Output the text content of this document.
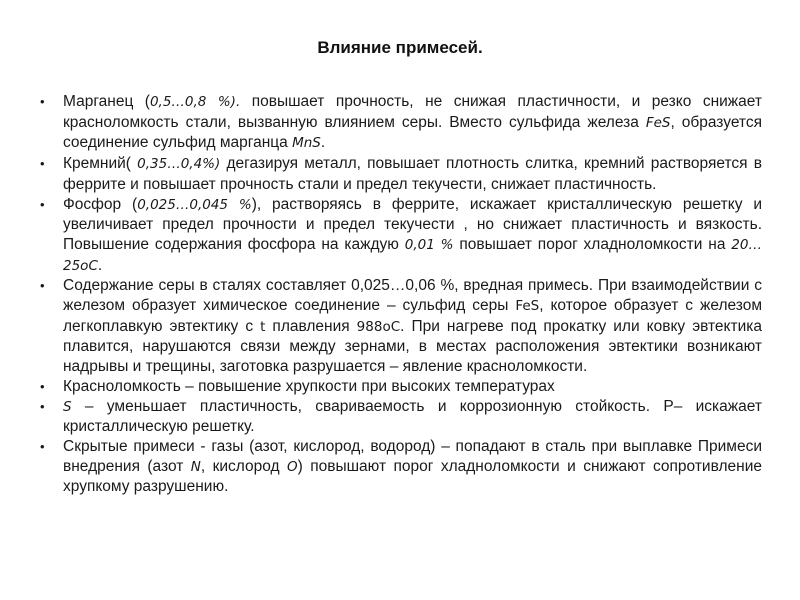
Влияние примесей.
•	Марганец (0,5…0,8 %). повышает прочность, не снижая пластичности, и резко снижает красноломкость стали, вызванную влиянием серы. Вместо сульфида железа FeS, образуется соединение сульфид марганца MnS.
•	Кремний( 0,35…0,4%) дегазируя металл, повышает плотность слитка, кремний растворяется в феррите и повышает прочность стали и предел текучести, снижает пластичность.
•	Фосфор (0,025…0,045 %), растворяясь в феррите, искажает кристаллическую решетку и увеличивает предел прочности и предел текучести , но снижает пластичность и вязкость. Повышение содержания фосфора на каждую 0,01 % повышает порог хладноломкости на 20…25oC.
•	Содержание серы в сталях составляет 0,025…0,06 %, вредная примесь. При взаимодействии с железом образует химическое соединение – сульфид серы FeS, которое образует с железом легкоплавкую эвтектику с t плавления 988oC. При нагреве под прокатку или ковку эвтектика плавится, нарушаются связи между зернами, в местах расположения эвтектики возникают надрывы и трещины, заготовка разрушается – явление красноломкости.
•	Красноломкость – повышение хрупкости при высоких температурах
•	S – уменьшает пластичность, свариваемость и коррозионную стойкость. Р– искажает кристаллическую решетку.
•	Скрытые примеси - газы (азот, кислород, водород) – попадают в сталь при выплавке Примеси внедрения (азот N, кислород O) повышают порог хладноломкости и снижают сопротивление хрупкому разрушению.
